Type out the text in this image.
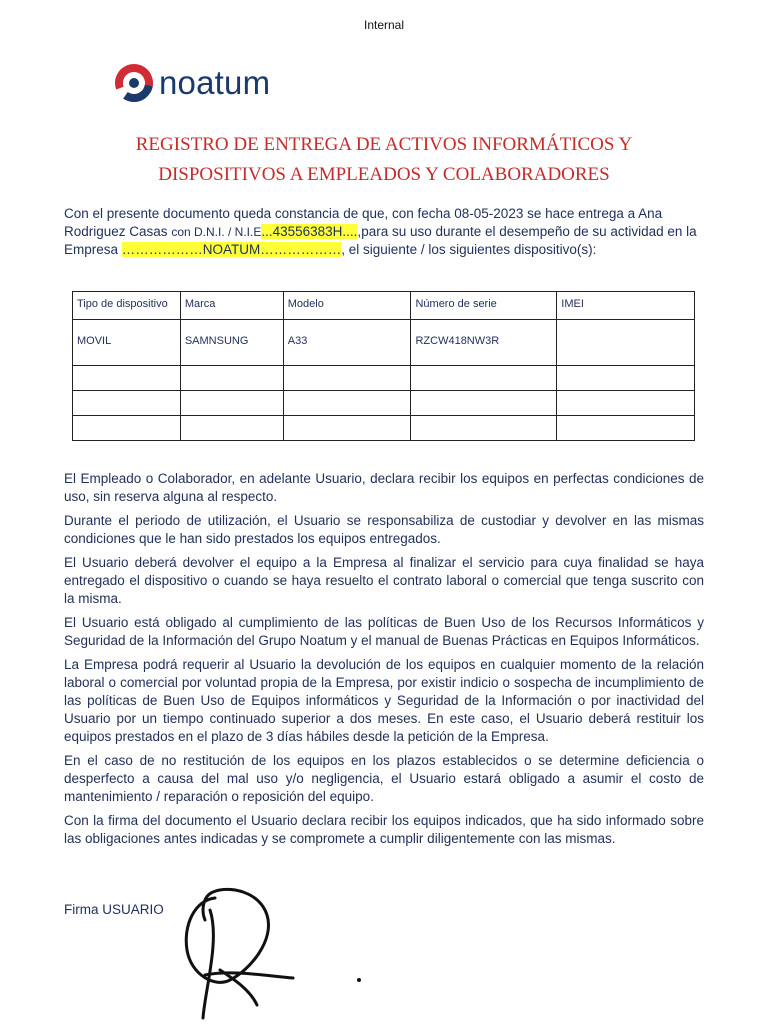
Internal
noatum
REGISTRO DE ENTREGA DE ACTIVOS INFORMÁTICOS Y
DISPOSITIVOS A EMPLEADOS Y COLABORADORES
Con el presente documento queda constancia de que, con fecha 08-05-2023 se hace entrega a Ana Rodriguez Casas con D.N.I. / N.I.E...43556383H....,para su uso durante el desempeño de su actividad en la Empresa ………………NOATUM………………, el siguiente / los siguientes dispositivo(s):
Tipo de dispositivo	Marca	Modelo	Número de serie	IMEI
MOVIL	SAMNSUNG	A33	RZCW418NW3R	

El Empleado o Colaborador, en adelante Usuario, declara recibir los equipos en perfectas condiciones de uso, sin reserva alguna al respecto.

Durante el periodo de utilización, el Usuario se responsabiliza de custodiar y devolver en las mismas condiciones que le han sido prestados los equipos entregados.

El Usuario deberá devolver el equipo a la Empresa al finalizar el servicio para cuya finalidad se haya entregado el dispositivo o cuando se haya resuelto el contrato laboral o comercial que tenga suscrito con la misma.

El Usuario está obligado al cumplimiento de las políticas de Buen Uso de los Recursos Informáticos y Seguridad de la Información del Grupo Noatum y el manual de Buenas Prácticas en Equipos Informáticos.

La Empresa podrá requerir al Usuario la devolución de los equipos en cualquier momento de la relación laboral o comercial por voluntad propia de la Empresa, por existir indicio o sospecha de incumplimiento de las políticas de Buen Uso de Equipos informáticos y Seguridad de la Información o por inactividad del Usuario por un tiempo continuado superior a dos meses. En este caso, el Usuario deberá restituir los equipos prestados en el plazo de 3 días hábiles desde la petición de la Empresa.

En el caso de no restitución de los equipos en los plazos establecidos o se determine deficiencia o desperfecto a causa del mal uso y/o negligencia, el Usuario estará obligado a asumir el costo de mantenimiento / reparación o reposición del equipo.

Con la firma del documento el Usuario declara recibir los equipos indicados, que ha sido informado sobre las obligaciones antes indicadas y se compromete a cumplir diligentemente con las mismas.

Firma USUARIO
